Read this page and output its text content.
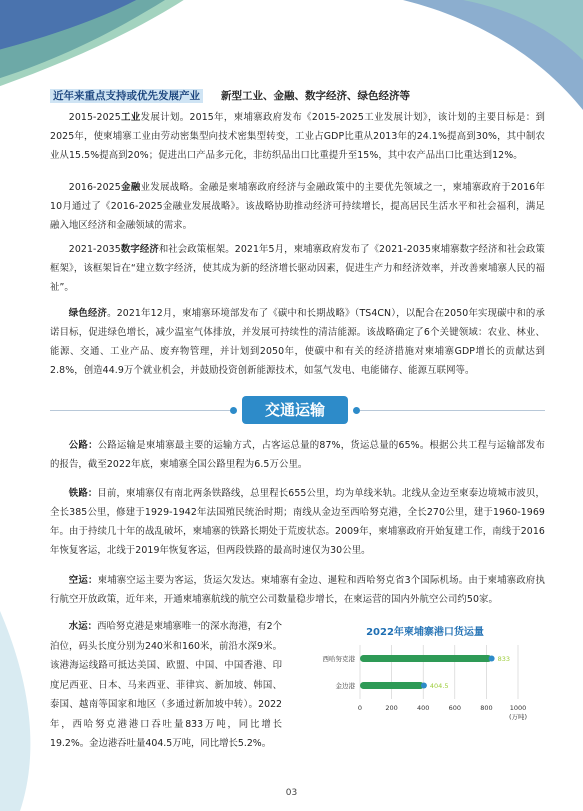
近年来重点支持或优先发展产业 新型工业、金融、数字经济、绿色经济等

2015-2025工业发展计划。2015年，柬埔寨政府发布《2015-2025工业发展计划》，该计划的主要目标是：到2025年，使柬埔寨工业由劳动密集型向技术密集型转变，工业占GDP比重从2013年的24.1%提高到30%，其中制农业从15.5%提高到20%；促进出口产品多元化，非纺织品出口比重提升至15%，其中农产品出口比重达到12%。

2016-2025金融业发展战略。金融是柬埔寨政府经济与金融政策中的主要优先领域之一，柬埔寨政府于2016年10月通过了《2016-2025金融业发展战略》。该战略协助推动经济可持续增长，提高居民生活水平和社会福利，满足融入地区经济和金融领域的需求。

2021-2035数字经济和社会政策框架。2021年5月，柬埔寨政府发布了《2021-2035柬埔寨数字经济和社会政策框架》，该框架旨在“建立数字经济，使其成为新的经济增长驱动因素，促进生产力和经济效率，并改善柬埔寨人民的福祉”。

绿色经济。2021年12月，柬埔寨环境部发布了《碳中和长期战略》（TS4CN），以配合在2050年实现碳中和的承诺目标，促进绿色增长，减少温室气体排放，并发展可持续性的清洁能源。该战略确定了6个关键领域：农业、林业、能源、交通、工业产品、废弃物管理，并计划到2050年，使碳中和有关的经济措施对柬埔寨GDP增长的贡献达到2.8%，创造44.9万个就业机会，并鼓励投资创新能源技术，如氢气发电、电能储存、能源互联网等。

交通运输

公路：公路运输是柬埔寨最主要的运输方式，占客运总量的87%，货运总量的65%。根据公共工程与运输部发布的报告，截至2022年底，柬埔寨全国公路里程为6.5万公里。

铁路：目前，柬埔寨仅有南北两条铁路线，总里程长655公里，均为单线米轨。北线从金边至柬泰边境城市波贝，全长385公里，修建于1929-1942年法国殖民统治时期；南线从金边至西哈努克港，全长270公里，建于1960-1969年。由于持续几十年的战乱破坏，柬埔寨的铁路长期处于荒废状态。2009年，柬埔寨政府开始复建工作，南线于2016年恢复客运，北线于2019年恢复客运，但两段铁路的最高时速仅为30公里。

空运：柬埔寨空运主要为客运，货运欠发达。柬埔寨有金边、暹粒和西哈努克省3个国际机场。由于柬埔寨政府执行航空开放政策，近年来，开通柬埔寨航线的航空公司数量稳步增长，在柬运营的国内外航空公司约50家。

水运：西哈努克港是柬埔寨唯一的深水海港，有2个泊位，码头长度分别为240米和160米，前沿水深9米。该港海运线路可抵达美国、欧盟、中国、中国香港、印度尼西亚、日本、马来西亚、菲律宾、新加坡、韩国、泰国、越南等国家和地区（多通过新加坡中转）。2022年，西哈努克港港口吞吐量833万吨，同比增长19.2%。金边港吞吐量404.5万吨，同比增长5.2%。

2022年柬埔寨港口货运量
833
404.5
0	200	400	600	800	1000
(万吨)
西哈努克港
金边港
03
